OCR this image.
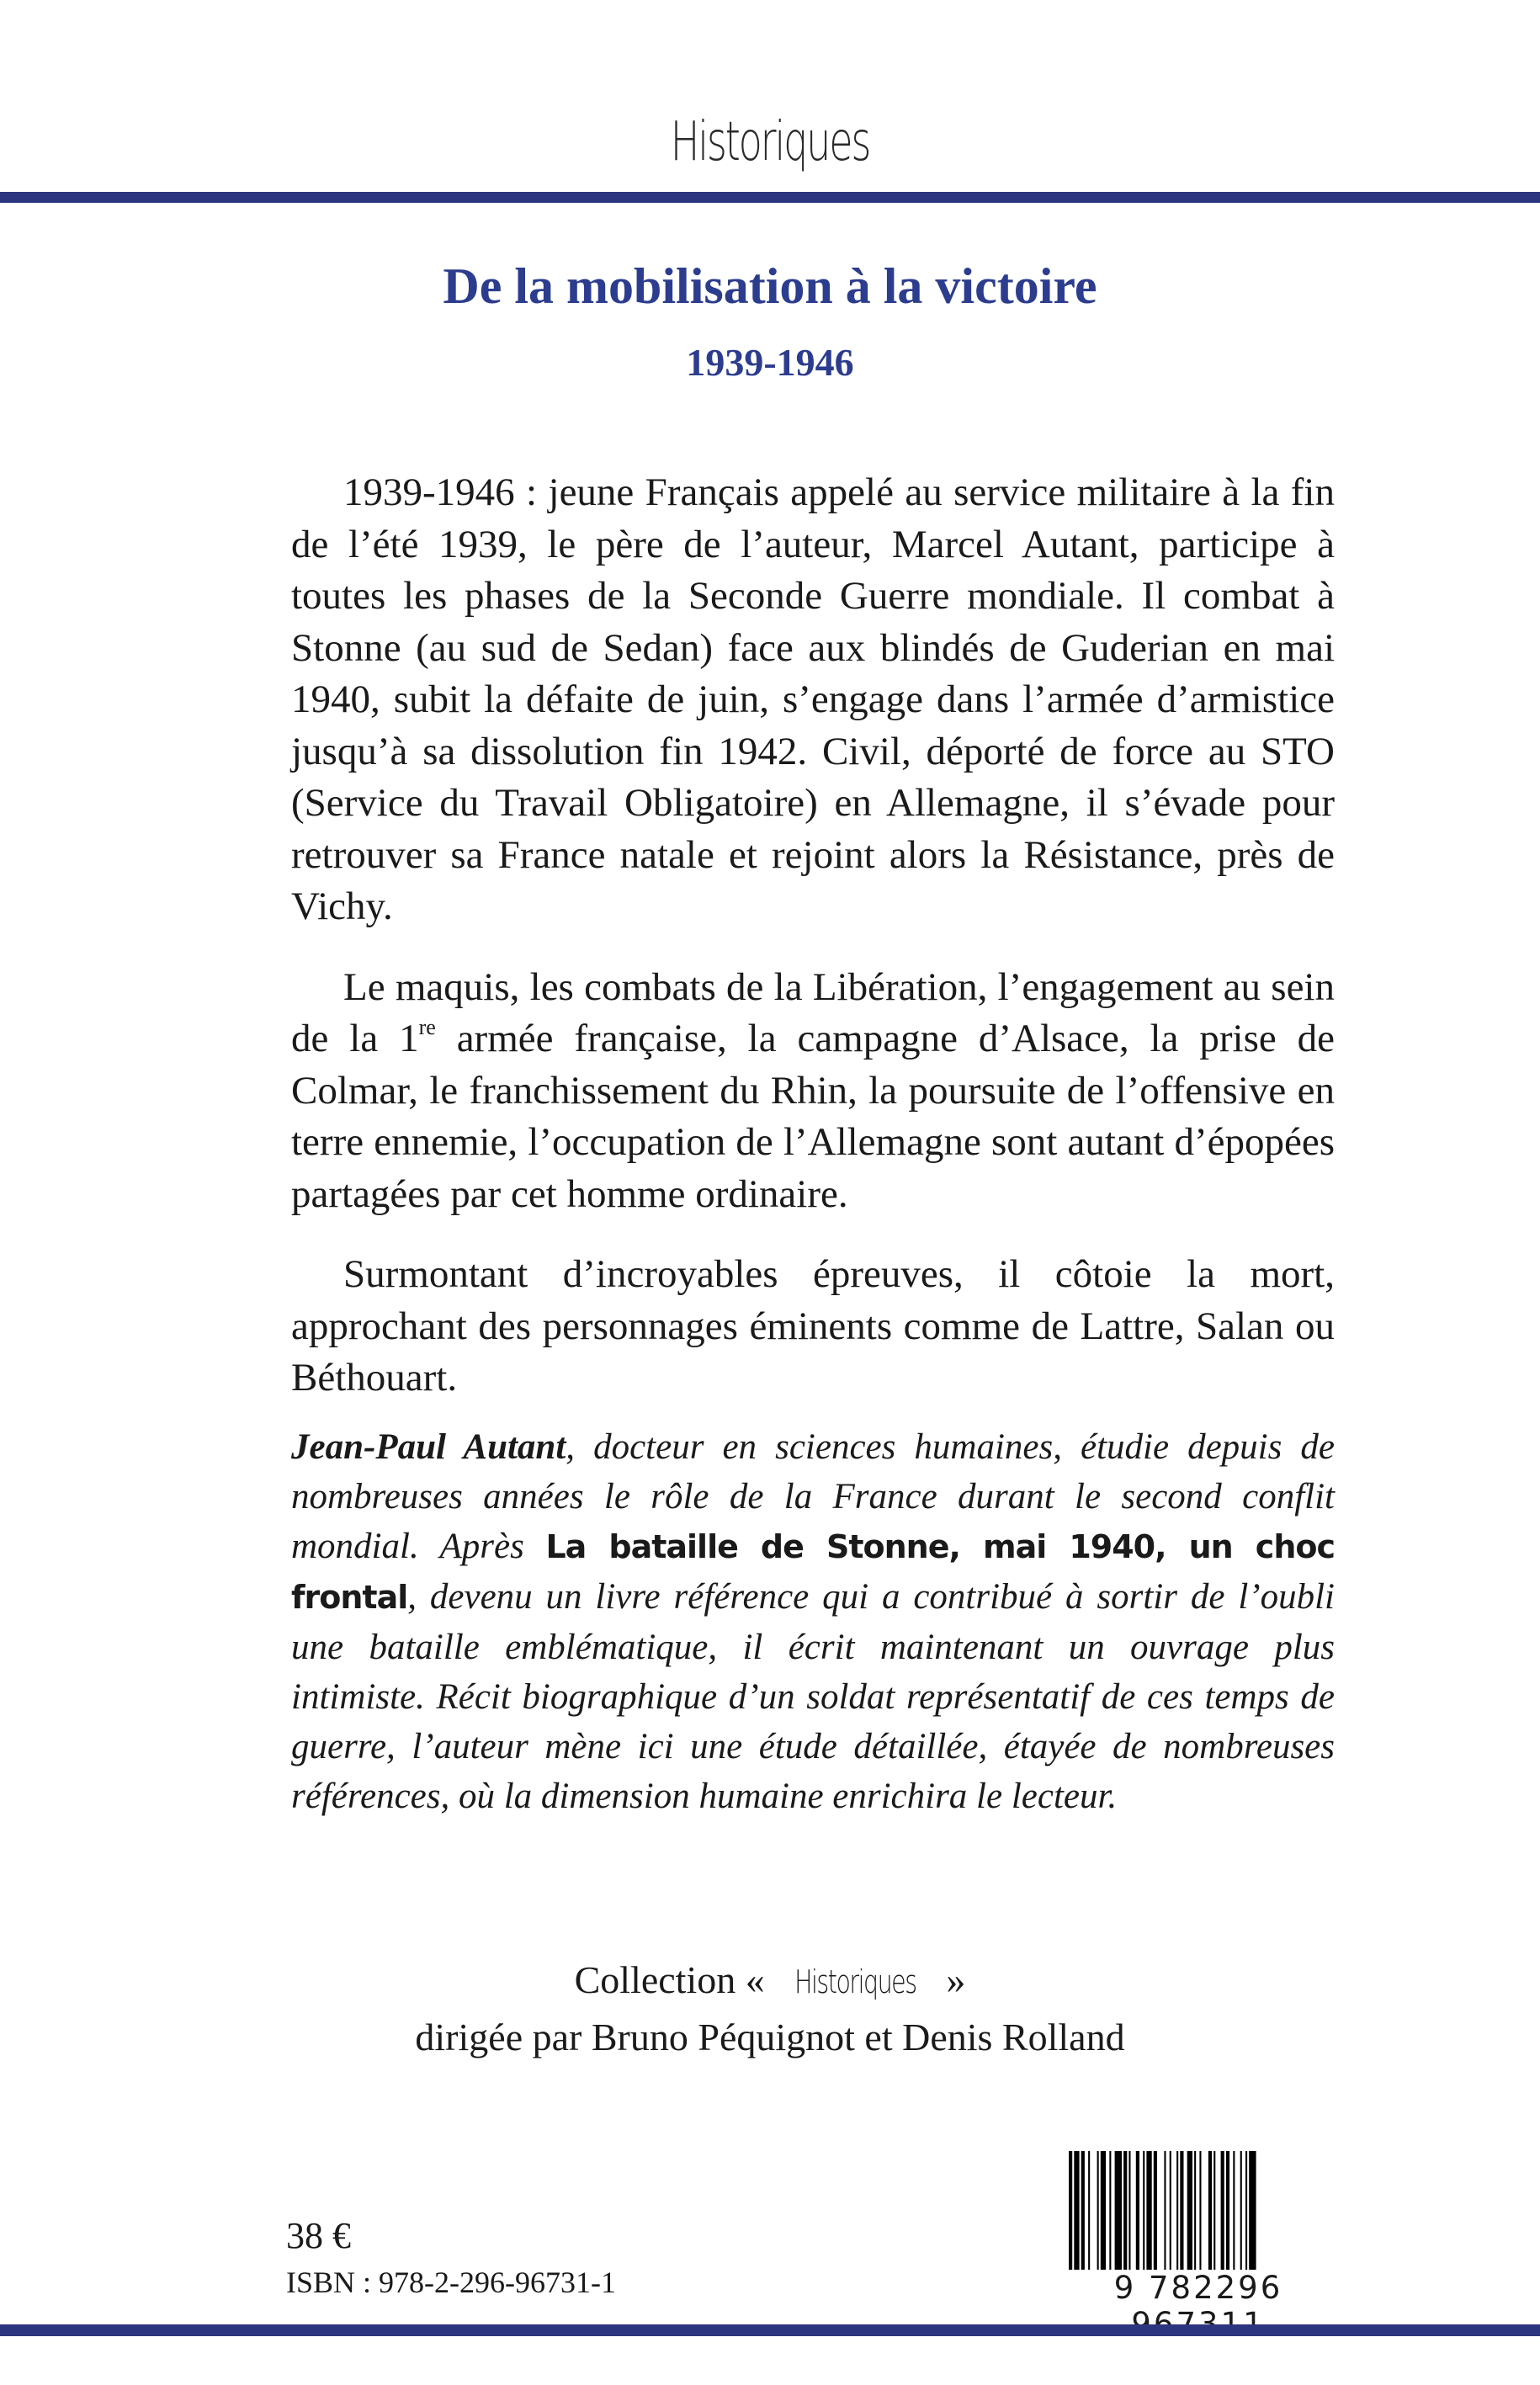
Historiques
De la mobilisation à la victoire
1939-1946

1939-1946 : jeune Français appelé au service militaire à la fin de l’été 1939, le père de l’auteur, Marcel Autant, participe à toutes les phases de la Seconde Guerre mondiale. Il combat à Stonne (au sud de Sedan) face aux blindés de Guderian en mai 1940, subit la défaite de juin, s’engage dans l’armée d’armistice jusqu’à sa dissolution fin 1942. Civil, déporté de force au STO (Service du Travail Obligatoire) en Allemagne, il s’évade pour retrouver sa France natale et rejoint alors la Résistance, près de Vichy.

Le maquis, les combats de la Libération, l’engagement au sein de la 1re armée française, la campagne d’Alsace, la prise de Colmar, le franchissement du Rhin, la poursuite de l’offensive en terre ennemie, l’occupation de l’Allemagne sont autant d’épopées partagées par cet homme ordinaire.

Surmontant d’incroyables épreuves, il côtoie la mort, approchant des personnages éminents comme de Lattre, Salan ou Béthouart.

Jean-Paul Autant, docteur en sciences humaines, étudie depuis de nombreuses années le rôle de la France durant le second conflit mondial. Après La bataille de Stonne, mai 1940, un choc frontal, devenu un livre référence qui a contribué à sortir de l’oubli une bataille emblématique, il écrit maintenant un ouvrage plus intimiste. Récit biographique d’un soldat représentatif de ces temps de guerre, l’auteur mène ici une étude détaillée, étayée de nombreuses références, où la dimension humaine enrichira le lecteur.

Collection « Historiques »
dirigée par Bruno Péquignot et Denis Rolland
38 €
ISBN : 978-2-296-96731-1	9 782296
